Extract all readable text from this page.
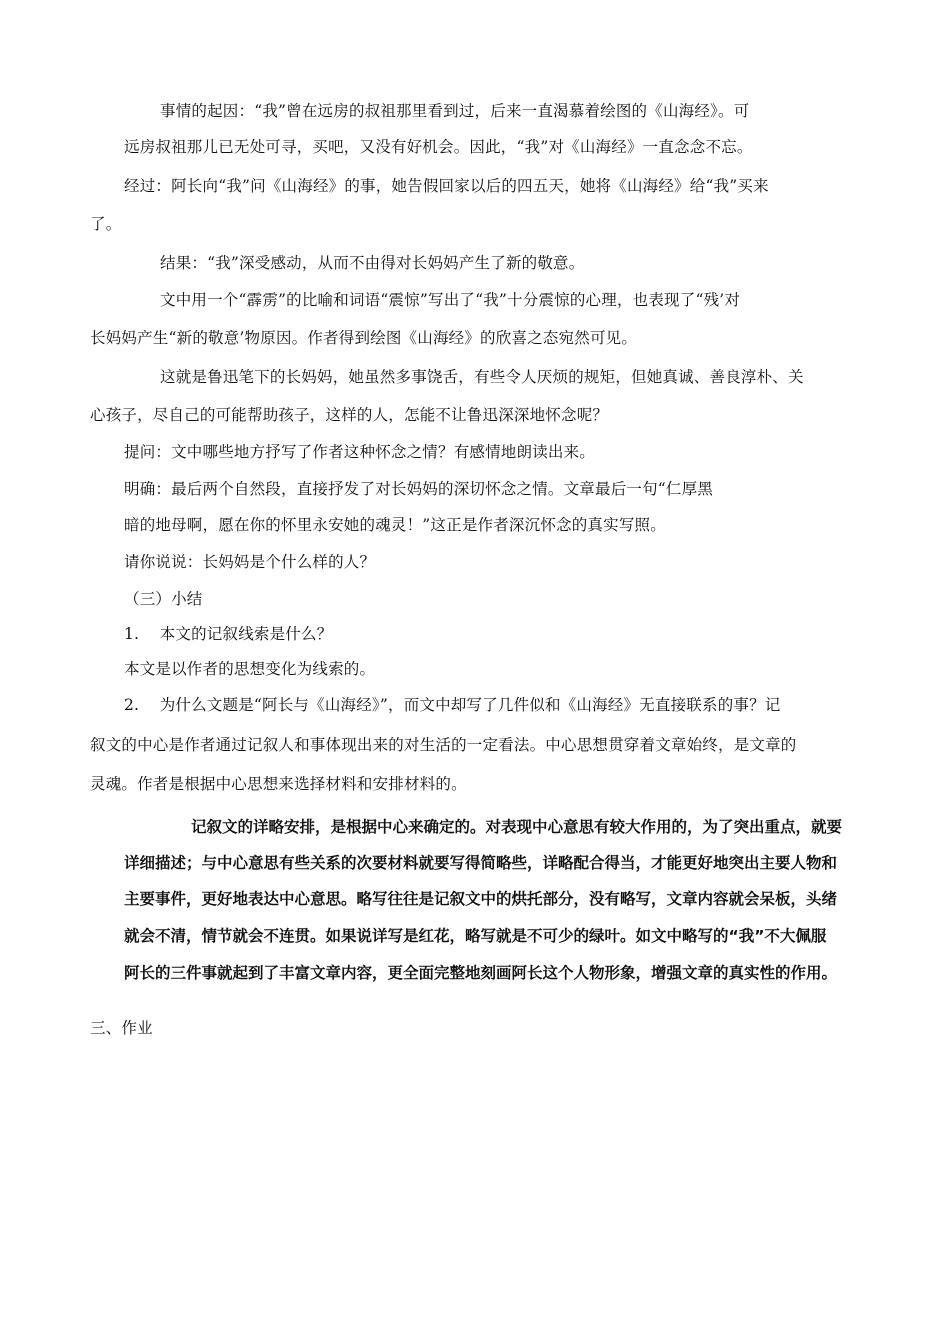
事情的起因：“我”曾在远房的叔祖那里看到过，后来一直渴慕着绘图的《山海经》。可
远房叔祖那儿已无处可寻，买吧，又没有好机会。因此，“我”对《山海经》一直念念不忘。
经过：阿长向“我”问《山海经》的事，她告假回家以后的四五天，她将《山海经》给“我”买来
了。
结果：“我”深受感动，从而不由得对长妈妈产生了新的敬意。
文中用一个“霹雳”的比喻和词语“震惊”写出了“我”十分震惊的心理，也表现了“残’对
长妈妈产生“新的敬意’物原因。作者得到绘图《山海经》的欣喜之态宛然可见。
这就是鲁迅笔下的长妈妈，她虽然多事饶舌，有些令人厌烦的规矩，但她真诚、善良淳朴、关
心孩子，尽自己的可能帮助孩子，这样的人，怎能不让鲁迅深深地怀念呢？
提问：文中哪些地方抒写了作者这种怀念之情？有感情地朗读出来。
明确：最后两个自然段，直接抒发了对长妈妈的深切怀念之情。文章最后一句“仁厚黑
暗的地母啊，愿在你的怀里永安她的魂灵！”这正是作者深沉怀念的真实写照。
请你说说：长妈妈是个什么样的人？
（三）小结
1.    本文的记叙线索是什么？
本文是以作者的思想变化为线索的。
2.    为什么文题是“阿长与《山海经》”，而文中却写了几件似和《山海经》无直接联系的事？记
叙文的中心是作者通过记叙人和事体现出来的对生活的一定看法。中心思想贯穿着文章始终，是文章的
灵魂。作者是根据中心思想来选择材料和安排材料的。
记叙文的详略安排，是根据中心来确定的。对表现中心意思有较大作用的，为了突出重点，就要
详细描述；与中心意思有些关系的次要材料就要写得简略些，详略配合得当，才能更好地突出主要人物和
主要事件，更好地表达中心意思。略写往往是记叙文中的烘托部分，没有略写，文章内容就会呆板，头绪
就会不清，情节就会不连贯。如果说详写是红花，略写就是不可少的绿叶。如文中略写的“我”不大佩服
阿长的三件事就起到了丰富文章内容，更全面完整地刻画阿长这个人物形象，增强文章的真实性的作用。
三、作业
